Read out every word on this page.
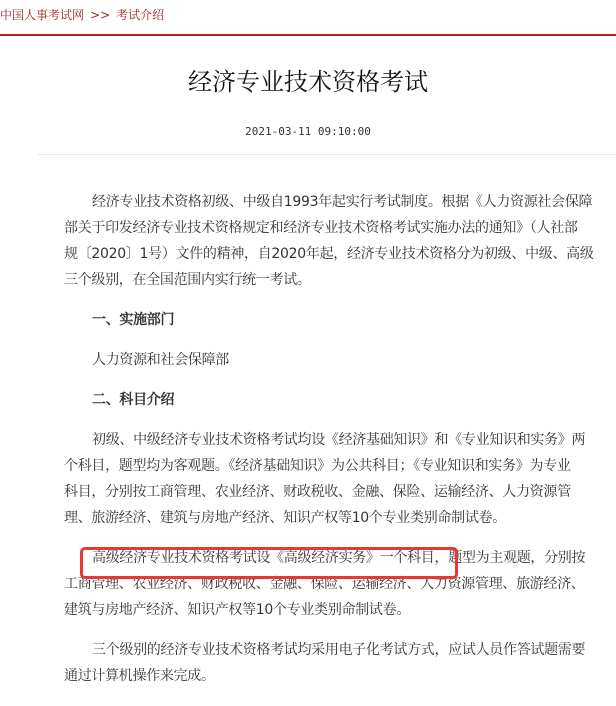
中国人事考试网 >> 考试介绍
经济专业技术资格考试
2021-03-11 09:10:00

经济专业技术资格初级、中级自1993年起实行考试制度。根据《人力资源社会保障

部关于印发经济专业技术资格规定和经济专业技术资格考试实施办法的通知》（人社部

规〔2020〕1号）文件的精神，自2020年起，经济专业技术资格分为初级、中级、高级

三个级别，在全国范围内实行统一考试。

一、实施部门

人力资源和社会保障部

二、科目介绍

初级、中级经济专业技术资格考试均设《经济基础知识》和《专业知识和实务》两

个科目，题型均为客观题。《经济基础知识》为公共科目；《专业知识和实务》为专业

科目，分别按工商管理、农业经济、财政税收、金融、保险、运输经济、人力资源管

理、旅游经济、建筑与房地产经济、知识产权等10个专业类别命制试卷。

高级经济专业技术资格考试设《高级经济实务》一个科目，题型为主观题，分别按

工商管理、农业经济、财政税收、金融、保险、运输经济、人力资源管理、旅游经济、

建筑与房地产经济、知识产权等10个专业类别命制试卷。

三个级别的经济专业技术资格考试均采用电子化考试方式，应试人员作答试题需要

通过计算机操作来完成。
